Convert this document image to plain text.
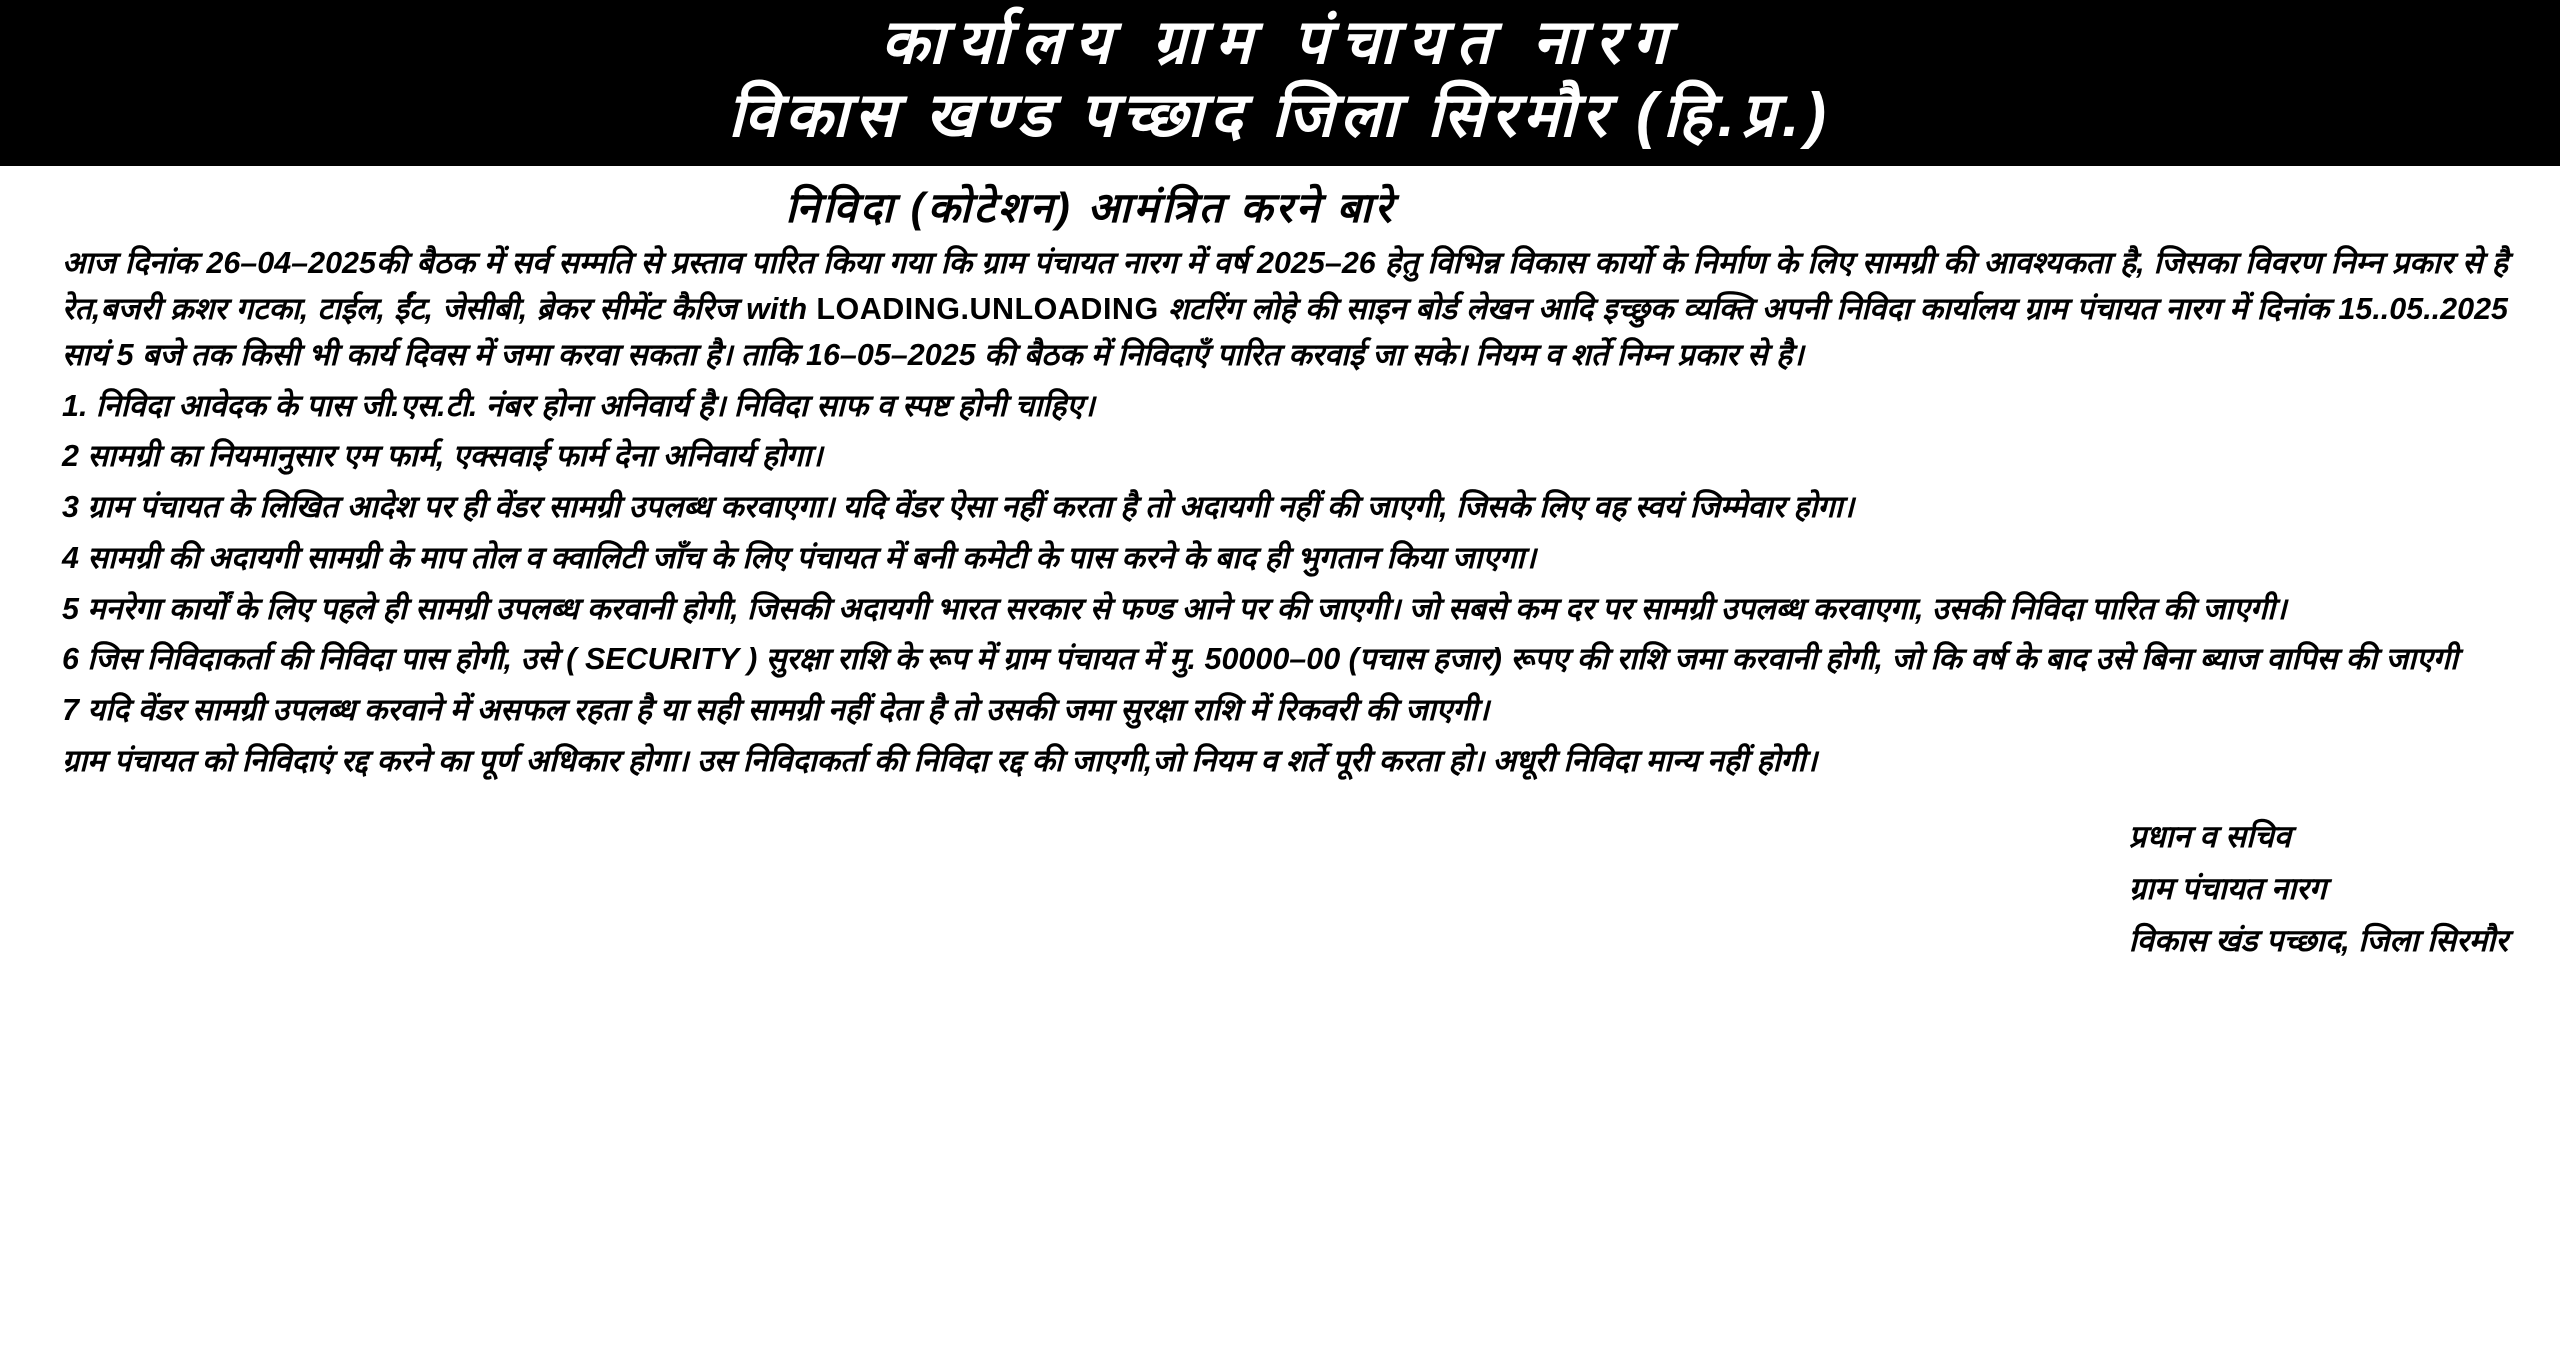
कार्यालय ग्राम पंचायत नारग
विकास खण्ड पच्छाद जिला सिरमौर (हि.प्र.)
निविदा (कोटेशन) आमंत्रित करने बारे

आज दिनांक 26–04–2025की बैठक में सर्व सम्मति से प्रस्ताव पारित किया गया कि ग्राम पंचायत नारग में वर्ष 2025–26 हेतु विभिन्न विकास कार्यो के निर्माण के लिए सामग्री की आवश्यकता है, जिसका विवरण निम्न प्रकार से है रेत,बजरी क्रशर गटका, टाईल, ईंट, जेसीबी, ब्रेकर सीमेंट कैरिज with LOADING.UNLOADING शटरिंग लोहे की साइन बोर्ड लेखन आदि इच्छुक व्यक्ति अपनी निविदा कार्यालय ग्राम पंचायत नारग में दिनांक 15..05..2025 सायं 5 बजे तक किसी भी कार्य दिवस में जमा करवा सकता है। ताकि 16–05–2025 की बैठक में निविदाएँ पारित करवाई जा सके। नियम व शर्ते निम्न प्रकार से है।

1. निविदा आवेदक के पास जी.एस.टी. नंबर होना अनिवार्य है। निविदा साफ व स्पष्ट होनी चाहिए।

2 सामग्री का नियमानुसार एम फार्म, एक्सवाई फार्म देना अनिवार्य होगा।

3 ग्राम पंचायत के लिखित आदेश पर ही वेंडर सामग्री उपलब्ध करवाएगा। यदि वेंडर ऐसा नहीं करता है तो अदायगी नहीं की जाएगी, जिसके लिए वह स्वयं जिम्मेवार होगा।

4 सामग्री की अदायगी सामग्री के माप तोल व क्वालिटी जाँच के लिए पंचायत में बनी कमेटी के पास करने के बाद ही भुगतान किया जाएगा।

5 मनरेगा कार्यों के लिए पहले ही सामग्री उपलब्ध करवानी होगी, जिसकी अदायगी भारत सरकार से फण्ड आने पर की जाएगी। जो सबसे कम दर पर सामग्री उपलब्ध करवाएगा, उसकी निविदा पारित की जाएगी।

6 जिस निविदाकर्ता की निविदा पास होगी, उसे ( SECURITY ) सुरक्षा राशि के रूप में ग्राम पंचायत में मु. 50000–00 (पचास हजार) रूपए की राशि जमा करवानी होगी, जो कि वर्ष के बाद उसे बिना ब्याज वापिस की जाएगी

7 यदि वेंडर सामग्री उपलब्ध करवाने में असफल रहता है या सही सामग्री नहीं देता है तो उसकी जमा सुरक्षा राशि में रिकवरी की जाएगी।

ग्राम पंचायत को निविदाएं रद्द करने का पूर्ण अधिकार होगा। उस निविदाकर्ता की निविदा रद्द की जाएगी,जो नियम व शर्ते पूरी करता हो। अधूरी निविदा मान्य नहीं होगी।

प्रधान व सचिव
ग्राम पंचायत नारग
विकास खंड पच्छाद, जिला सिरमौर
